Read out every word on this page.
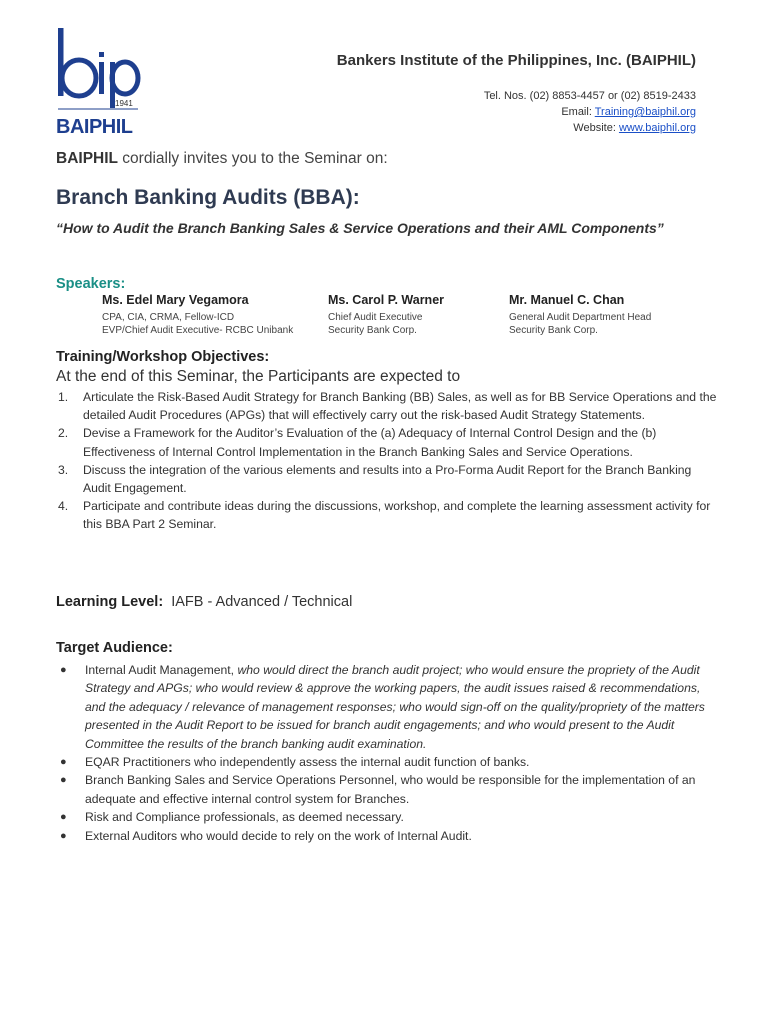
1941
BAIPHIL
Bankers Institute of the Philippines, Inc. (BAIPHIL)
Tel. Nos. (02) 8853-4457 or (02) 8519-2433
Email: Training@baiphil.org
Website: www.baiphil.org
BAIPHIL cordially invites you to the Seminar on:
Branch Banking Audits (BBA):
“How to Audit the Branch Banking Sales & Service Operations and their AML Components”
Speakers:
Ms. Edel Mary Vegamora
CPA, CIA, CRMA, Fellow-ICD
EVP/Chief Audit Executive- RCBC Unibank
Ms. Carol P. Warner
Chief Audit Executive
Security Bank Corp.
Mr. Manuel C. Chan
General Audit Department Head
Security Bank Corp.
Training/Workshop Objectives:
At the end of this Seminar, the Participants are expected to
1. Articulate the Risk-Based Audit Strategy for Branch Banking (BB) Sales, as well as for BB Service Operations and the detailed Audit Procedures (APGs) that will effectively carry out the risk-based Audit Strategy Statements.
2. Devise a Framework for the Auditor’s Evaluation of the (a) Adequacy of Internal Control Design and the (b) Effectiveness of Internal Control Implementation in the Branch Banking Sales and Service Operations.
3. Discuss the integration of the various elements and results into a Pro-Forma Audit Report for the Branch Banking Audit Engagement.
4. Participate and contribute ideas during the discussions, workshop, and complete the learning assessment activity for this BBA Part 2 Seminar.
Learning Level: IAFB - Advanced / Technical
Target Audience:
● Internal Audit Management, who would direct the branch audit project; who would ensure the propriety of the Audit Strategy and APGs; who would review & approve the working papers, the audit issues raised & recommendations, and the adequacy / relevance of management responses; who would sign-off on the quality/propriety of the matters presented in the Audit Report to be issued for branch audit engagements; and who would present to the Audit Committee the results of the branch banking audit examination.
● EQAR Practitioners who independently assess the internal audit function of banks.
● Branch Banking Sales and Service Operations Personnel, who would be responsible for the implementation of an adequate and effective internal control system for Branches.
● Risk and Compliance professionals, as deemed necessary.
● External Auditors who would decide to rely on the work of Internal Audit.
